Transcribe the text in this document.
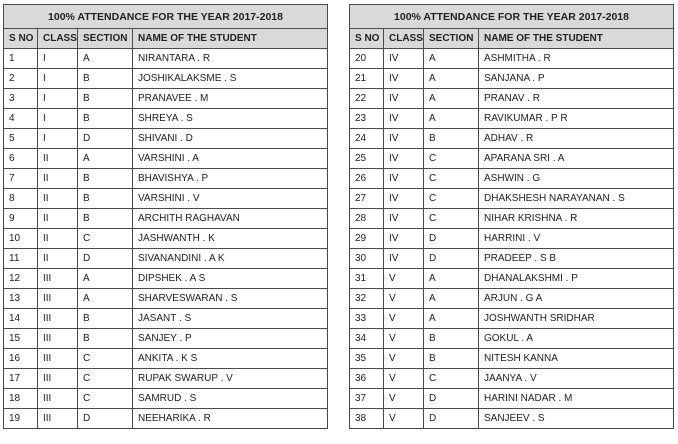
100% ATTENDANCE FOR THE YEAR 2017-2018			
S NO	CLASS	SECTION	NAME OF THE STUDENT
1	I	A	NIRANTARA . R
2	I	B	JOSHIKALAKSME . S
3	I	B	PRANAVEE . M
4	I	B	SHREYA . S
5	I	D	SHIVANI . D
6	II	A	VARSHINI . A
7	II	B	BHAVISHYA . P
8	II	B	VARSHINI . V
9	II	B	ARCHITH RAGHAVAN
10	II	C	JASHWANTH . K
11	II	D	SIVANANDINI . A K
12	III	A	DIPSHEK . A S
13	III	A	SHARVESWARAN . S
14	III	B	JASANT . S
15	III	B	SANJEY . P
16	III	C	ANKITA . K S
17	III	C	RUPAK SWARUP . V
18	III	C	SAMRUD . S
19	III	D	NEEHARIKA . R
100% ATTENDANCE FOR THE YEAR 2017-2018			
S NO	CLASS	SECTION	NAME OF THE STUDENT
20	IV	A	ASHMITHA . R
21	IV	A	SANJANA . P
22	IV	A	PRANAV . R
23	IV	A	RAVIKUMAR . P R
24	IV	B	ADHAV . R
25	IV	C	APARANA SRI . A
26	IV	C	ASHWIN . G
27	IV	C	DHAKSHESH NARAYANAN . S
28	IV	C	NIHAR KRISHNA . R
29	IV	D	HARRINI . V
30	IV	D	PRADEEP . S B
31	V	A	DHANALAKSHMI . P
32	V	A	ARJUN . G A
33	V	A	JOSHWANTH SRIDHAR
34	V	B	GOKUL . A
35	V	B	NITESH KANNA
36	V	C	JAANYA . V
37	V	D	HARINI NADAR . M
38	V	D	SANJEEV . S
